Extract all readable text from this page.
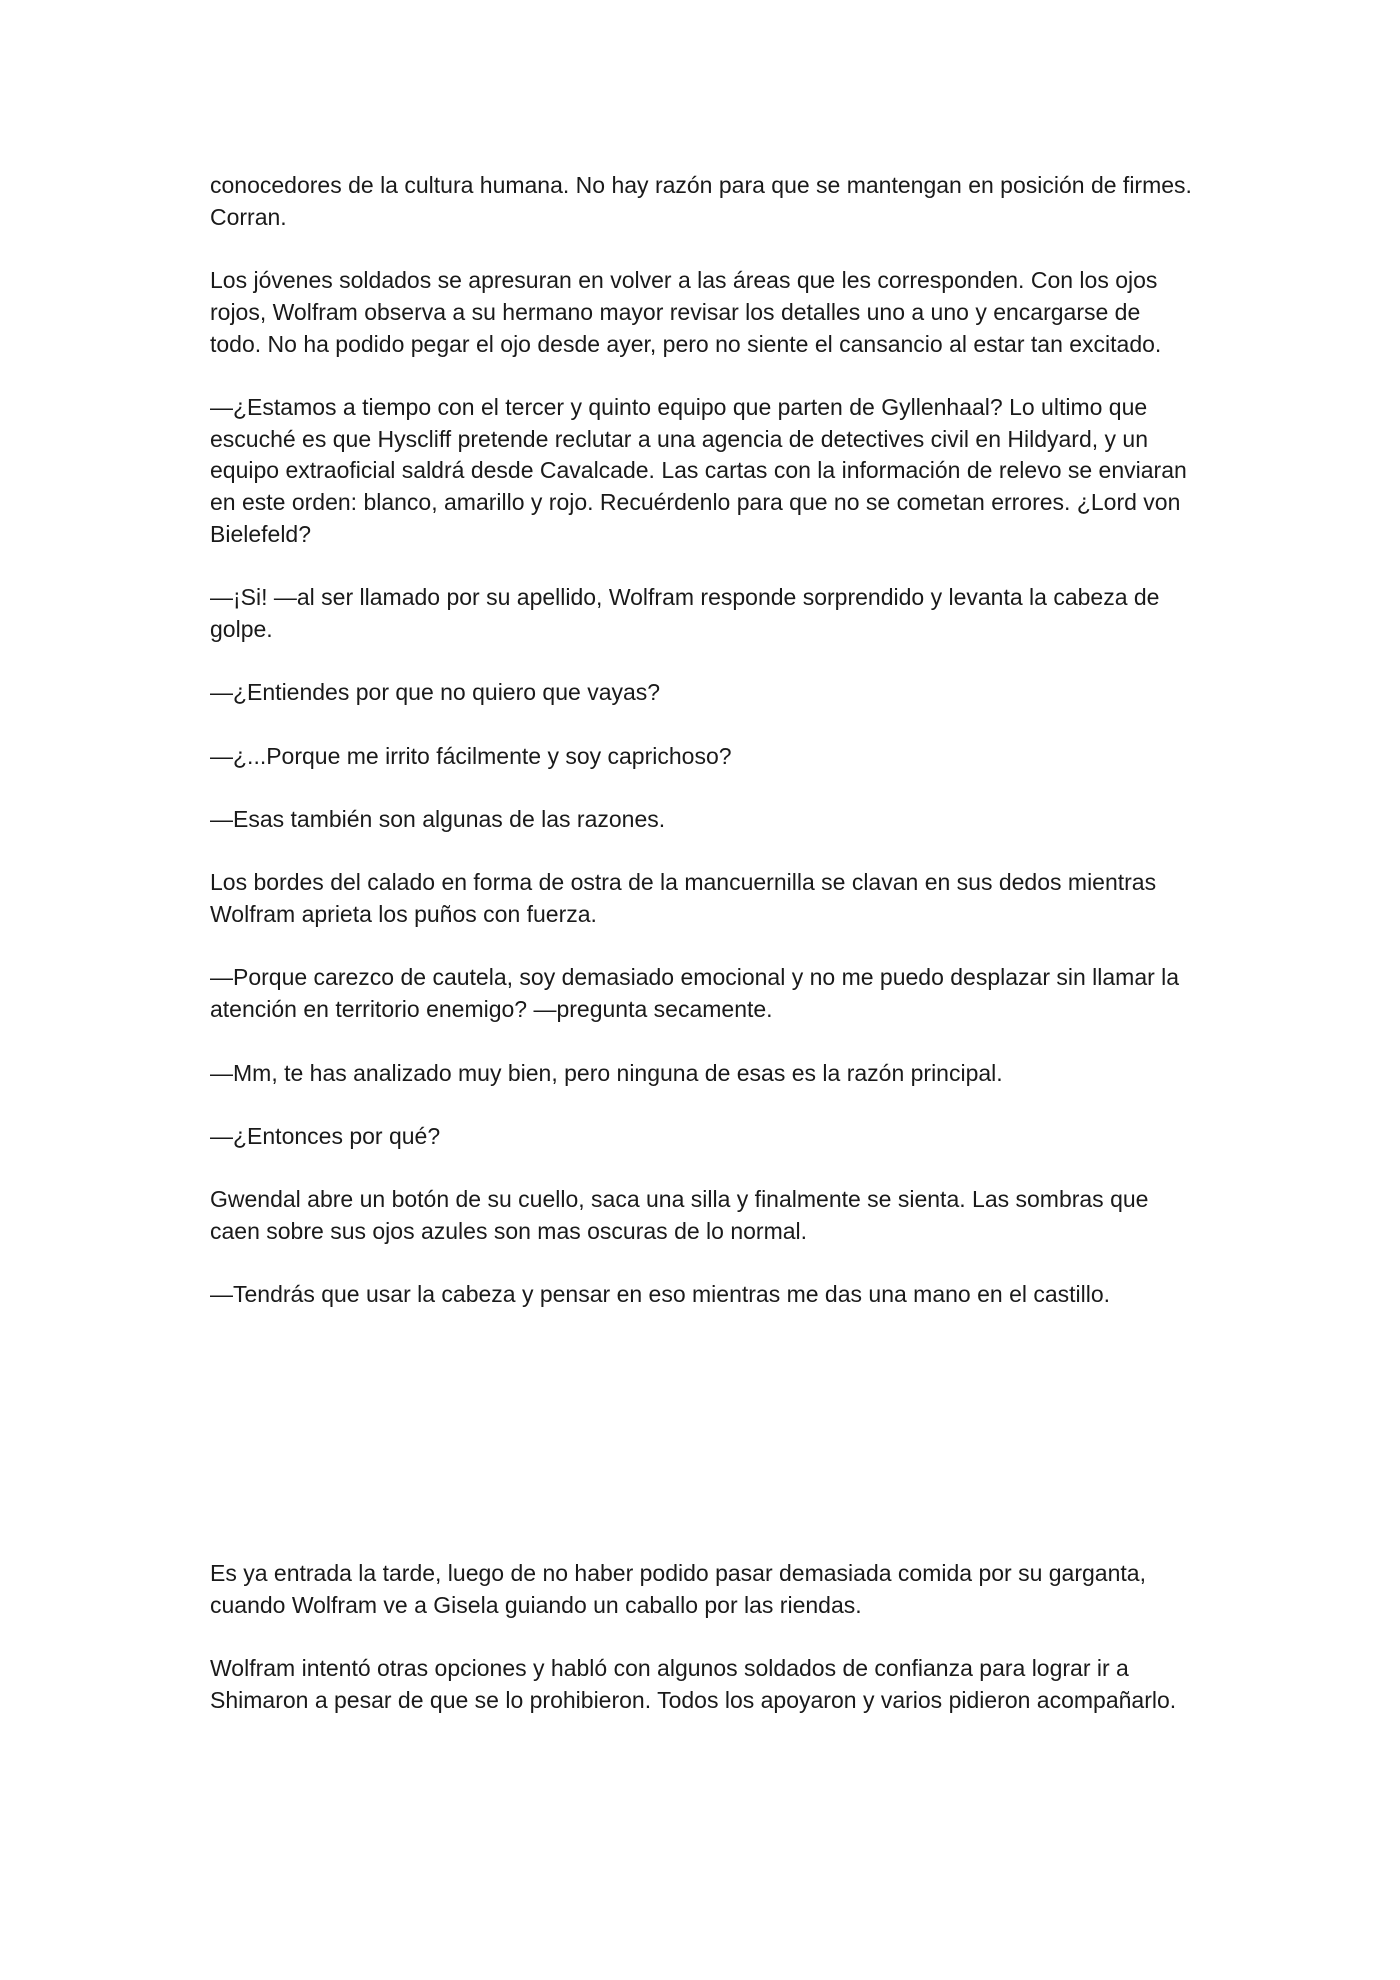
conocedores de la cultura humana. No hay razón para que se mantengan en posición de firmes. Corran.

Los jóvenes soldados se apresuran en volver a las áreas que les corresponden. Con los ojos rojos, Wolfram observa a su hermano mayor revisar los detalles uno a uno y encargarse de todo. No ha podido pegar el ojo desde ayer, pero no siente el cansancio al estar tan excitado.

—¿Estamos a tiempo con el tercer y quinto equipo que parten de Gyllenhaal? Lo ultimo que escuché es que Hyscliff pretende reclutar a una agencia de detectives civil en Hildyard, y un equipo extraoficial saldrá desde Cavalcade. Las cartas con la información de relevo se enviaran en este orden: blanco, amarillo y rojo. Recuérdenlo para que no se cometan errores. ¿Lord von Bielefeld?

—¡Si! —al ser llamado por su apellido, Wolfram responde sorprendido y levanta la cabeza de golpe.

—¿Entiendes por que no quiero que vayas?

—¿...Porque me irrito fácilmente y soy caprichoso?

—Esas también son algunas de las razones.

Los bordes del calado en forma de ostra de la mancuernilla se clavan en sus dedos mientras Wolfram aprieta los puños con fuerza.

—Porque carezco de cautela, soy demasiado emocional y no me puedo desplazar sin llamar la atención en territorio enemigo? —pregunta secamente.

—Mm, te has analizado muy bien, pero ninguna de esas es la razón principal.

—¿Entonces por qué?

Gwendal abre un botón de su cuello, saca una silla y finalmente se sienta. Las sombras que caen sobre sus ojos azules son mas oscuras de lo normal.

—Tendrás que usar la cabeza y pensar en eso mientras me das una mano en el castillo.

Es ya entrada la tarde, luego de no haber podido pasar demasiada comida por su garganta, cuando Wolfram ve a Gisela guiando un caballo por las riendas.

Wolfram intentó otras opciones y habló con algunos soldados de confianza para lograr ir a Shimaron a pesar de que se lo prohibieron. Todos los apoyaron y varios pidieron acompañarlo.
